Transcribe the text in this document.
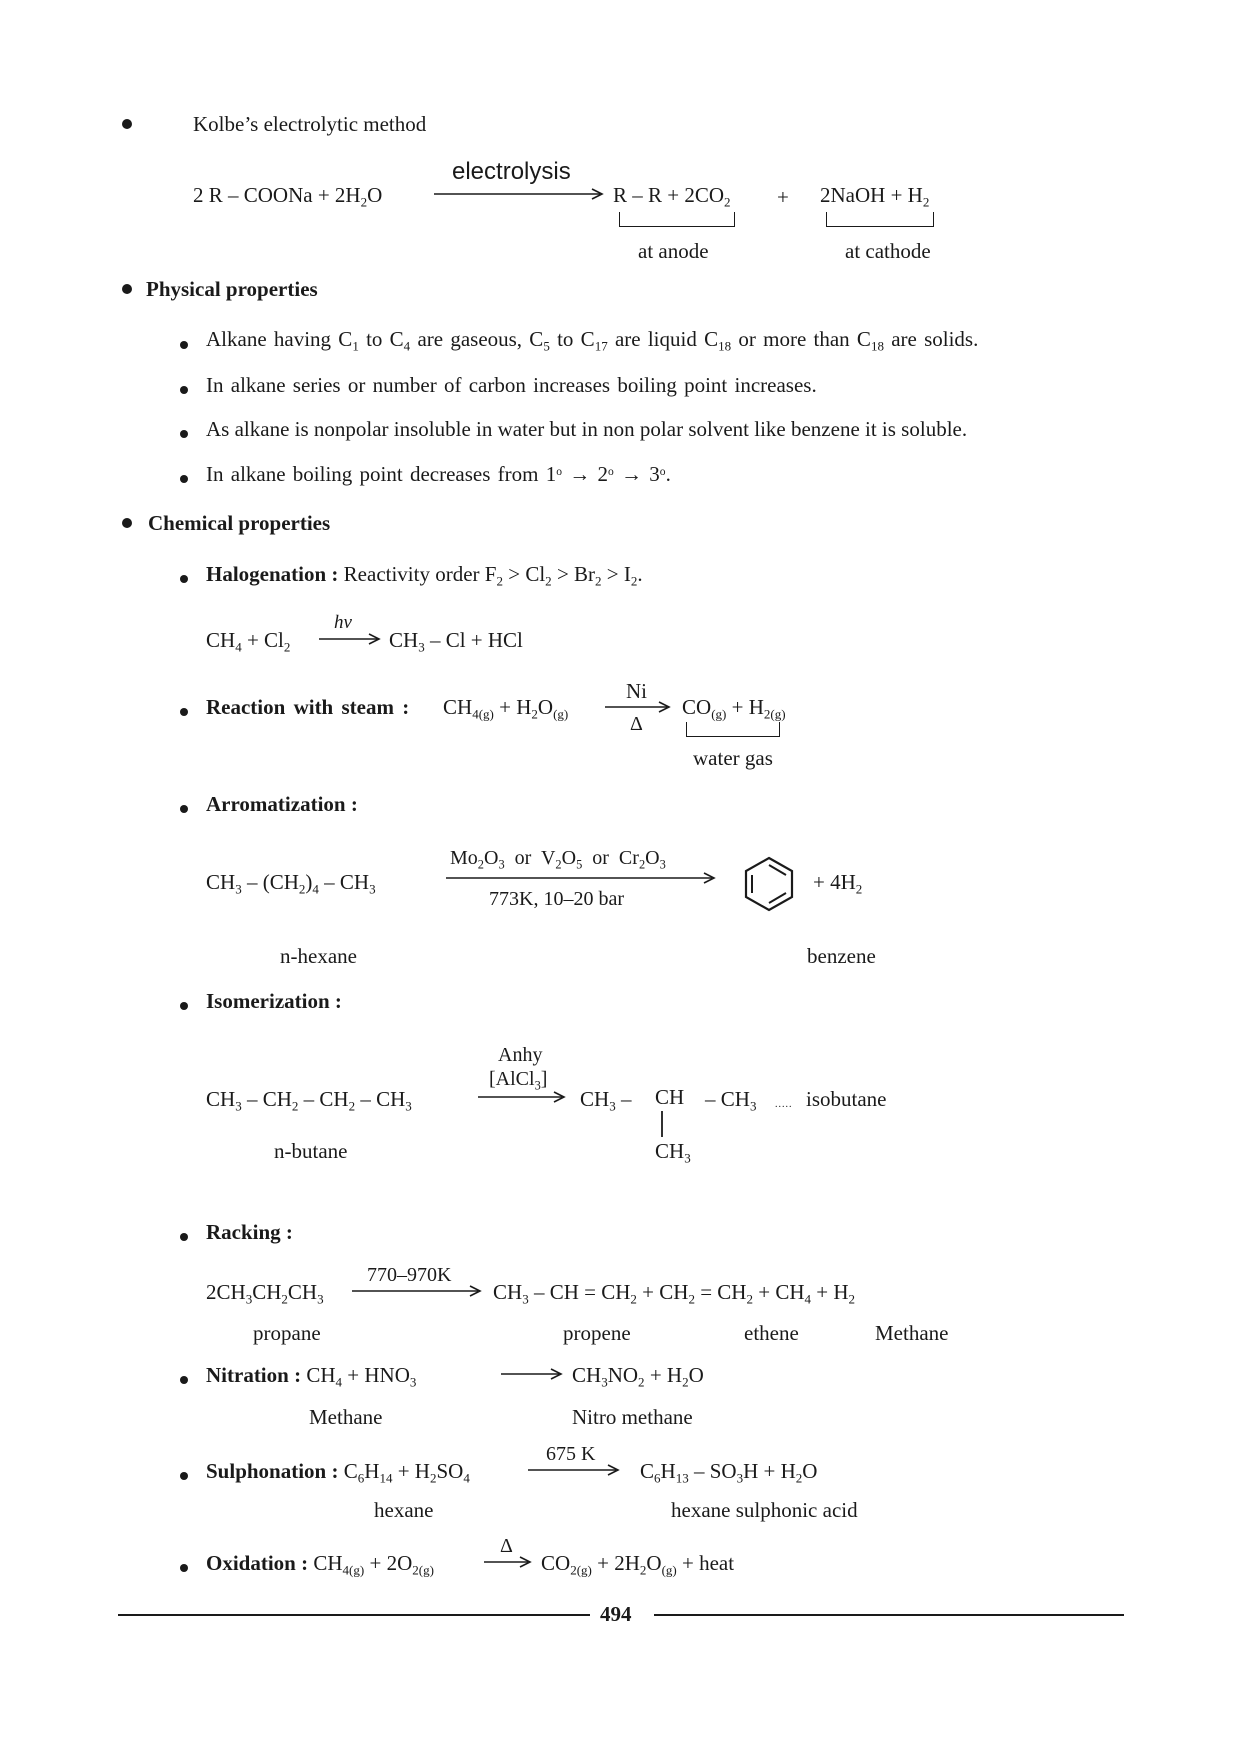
Kolbe’s electrolytic method
2 R – COONa + $2H_2O$
electrolysis
$R - R + 2CO_2$ + 2NaOH + $H_2$
at anode	at cathode
Physical properties
Alkane having $C_1$ to $C_4$ are gaseous, $C_5$ to $C_{17}$ are liquid $C_{18}$ or more than $C_{18}$ are solids.
In alkane series or number of carbon increases boiling point increases.
As alkane is nonpolar insoluble in water but in non polar solvent like benzene it is soluble.
In alkane boiling point decreases from $1^o \to 2^o \to 3^o$.
Chemical properties
Halogenation : Reactivity order $F_2 > Cl_2 > Br_2 > I_2$.
$CH_4 + Cl_2$
hv
→ $CH_3$ – Cl + HCl
Reaction with steam : $CH_{4(g)} + H_2O_{(g)}$
Ni
Δ
$CO_{(g)} + H_{2(g)}$
water gas
Arromatization :
$CH_3 - (CH_2)_4 - CH_3$
$Mo_2O_3$  or  $V_2O_5$  or  $Cr_2O_3$
773K, 10–20 bar
+ $4H_2$
n-hexane	benzene
Isomerization :
$CH_3 - CH_2 - CH_2 - CH_3$
Anhy
[AlCl$_3$]
$CH_3$ – CH – $CH_3$ ..... isobutane
$CH_3$
n-butane
Racking :
$2CH_3CH_2CH_3$
770–970K
$CH_3$ – CH = $CH_2 + CH_2 = CH_2 + CH_4 + H_2$
propane	propene	ethene	Methane
Nitration : $CH_4 + HNO_3 \to CH_3NO_2 + H_2O$
Methane	Nitro methane
Sulphonation : $C_6H_{14} + H_2SO_4$
675 K
$C_6H_{13} - SO_3H + H_2O$
hexane	hexane sulphonic acid
Oxidation : $CH_{4(g)} + 2O_{2(g)}$
Δ
→ $CO_{2(g)} + 2H_2O_{(g)}$ + heat
494
